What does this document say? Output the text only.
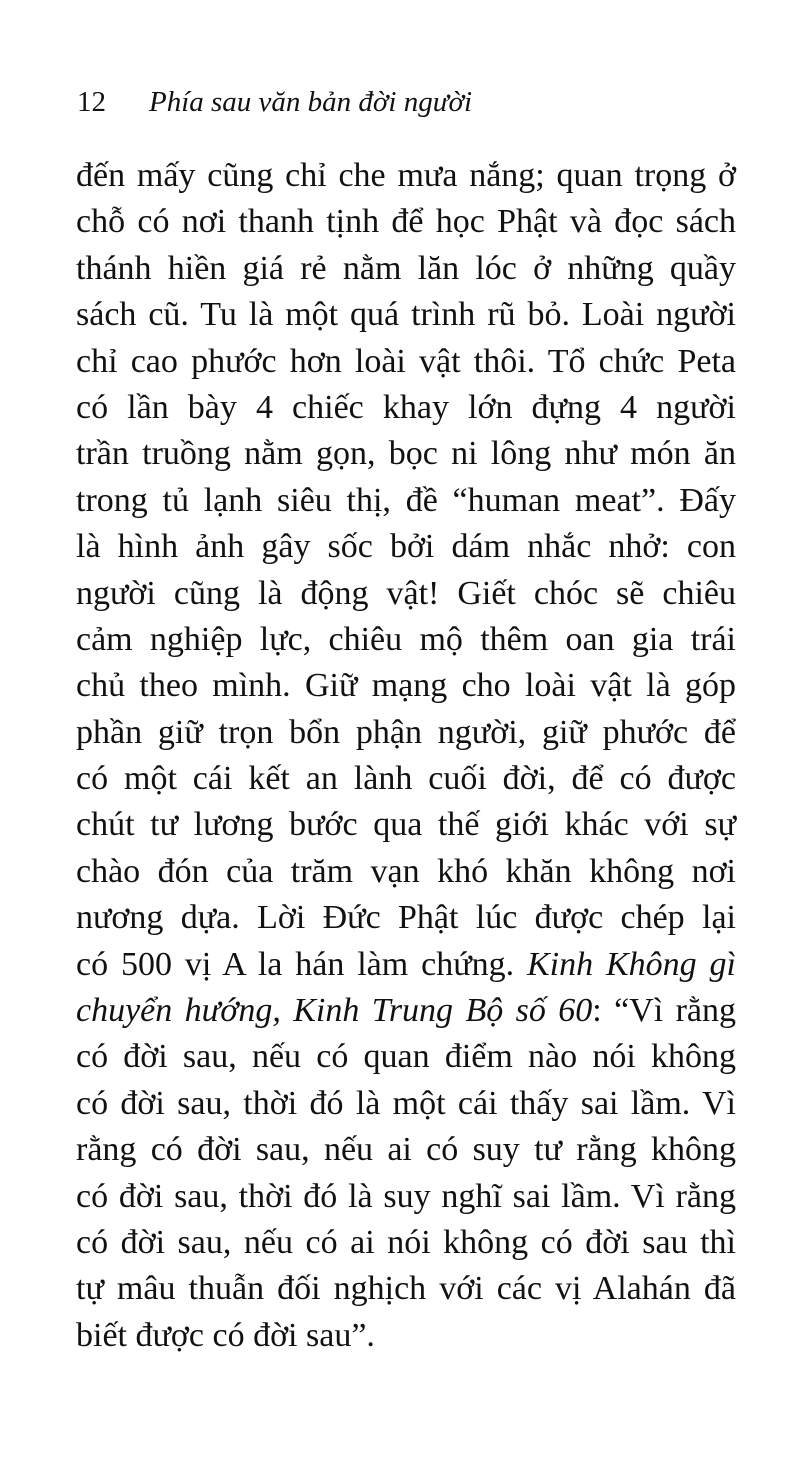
12 Phía sau văn bản đời người
đến mấy cũng chỉ che mưa nắng; quan trọng ở
chỗ có nơi thanh tịnh để học Phật và đọc sách
thánh hiền giá rẻ nằm lăn lóc ở những quầy
sách cũ. Tu là một quá trình rũ bỏ. Loài người
chỉ cao phước hơn loài vật thôi. Tổ chức Peta
có lần bày 4 chiếc khay lớn đựng 4 người
trần truồng nằm gọn, bọc ni lông như món ăn
trong tủ lạnh siêu thị, đề “human meat”. Đấy
là hình ảnh gây sốc bởi dám nhắc nhở: con
người cũng là động vật! Giết chóc sẽ chiêu
cảm nghiệp lực, chiêu mộ thêm oan gia trái
chủ theo mình. Giữ mạng cho loài vật là góp
phần giữ trọn bổn phận người, giữ phước để
có một cái kết an lành cuối đời, để có được
chút tư lương bước qua thế giới khác với sự
chào đón của trăm vạn khó khăn không nơi
nương dựa. Lời Đức Phật lúc được chép lại
có 500 vị A la hán làm chứng. Kinh Không gì
chuyển hướng, Kinh Trung Bộ số 60: “Vì rằng
có đời sau, nếu có quan điểm nào nói không
có đời sau, thời đó là một cái thấy sai lầm. Vì
rằng có đời sau, nếu ai có suy tư rằng không
có đời sau, thời đó là suy nghĩ sai lầm. Vì rằng
có đời sau, nếu có ai nói không có đời sau thì
tự mâu thuẫn đối nghịch với các vị Alahán đã
biết được có đời sau”.
